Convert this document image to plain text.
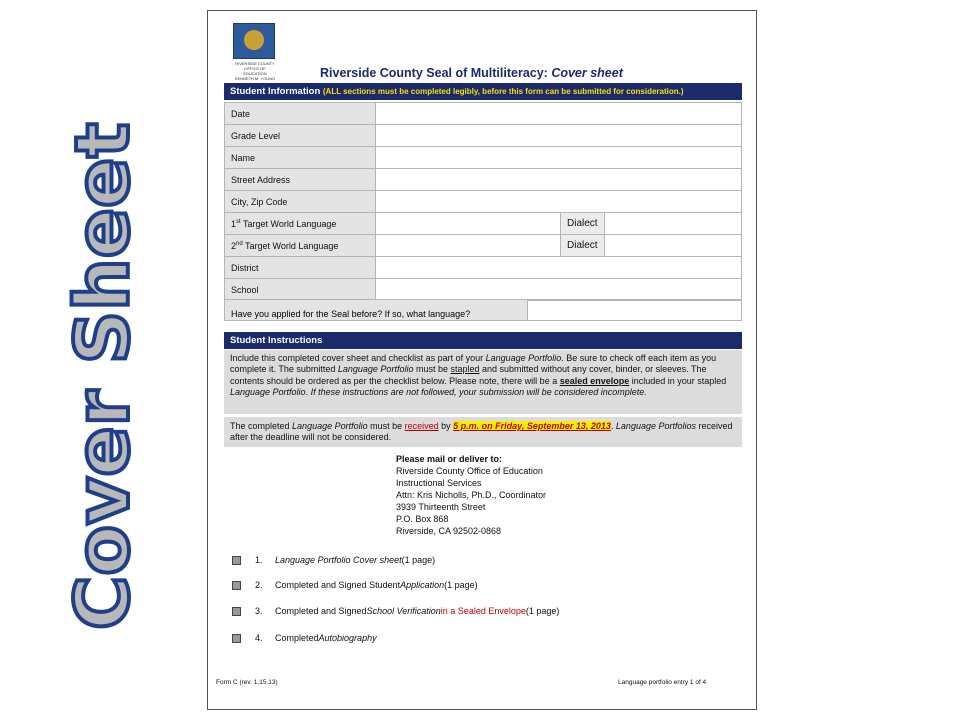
Cover Sheet
RIVERSIDE COUNTY
OFFICE OF EDUCATION
KENNETH M. YOUNG	Riverside County Seal of Multiliteracy: Cover sheet
Student Information (ALL sections must be completed legibly, before this form can be submitted for consideration.)
Date			
Grade Level			
Name			
Street Address			
City, Zip Code			
1st Target World Language		Dialect	
2nd Target World Language		Dialect	
District			
School			
Have you applied for the Seal before? If so, what language?
Student Instructions
Include this completed cover sheet and checklist as part of your Language Portfolio. Be sure to check off each item as you complete it. The submitted Language Portfolio must be stapled and submitted without any cover, binder, or sleeves. The contents should be ordered as per the checklist below. Please note, there will be a sealed envelope included in your stapled Language Portfolio. If these instructions are not followed, your submission will be considered incomplete.
The completed Language Portfolio must be received by 5 p.m. on Friday, September 13, 2013. Language Portfolios received after the deadline will not be considered.
Please mail or deliver to:
Riverside County Office of Education
Instructional Services
Attn: Kris Nicholls, Ph.D., Coordinator
3939 Thirteenth Street
P.O. Box 868
Riverside, CA 92502-0868
1.	Language Portfolio Cover sheet (1 page)
2.	Completed and Signed Student Application (1 page)
3.	Completed and Signed School Verification in a Sealed Envelope (1 page)
4.	Completed Autobiography
Form C (rev. 1.15.13)	Language portfolio entry 1 of 4
